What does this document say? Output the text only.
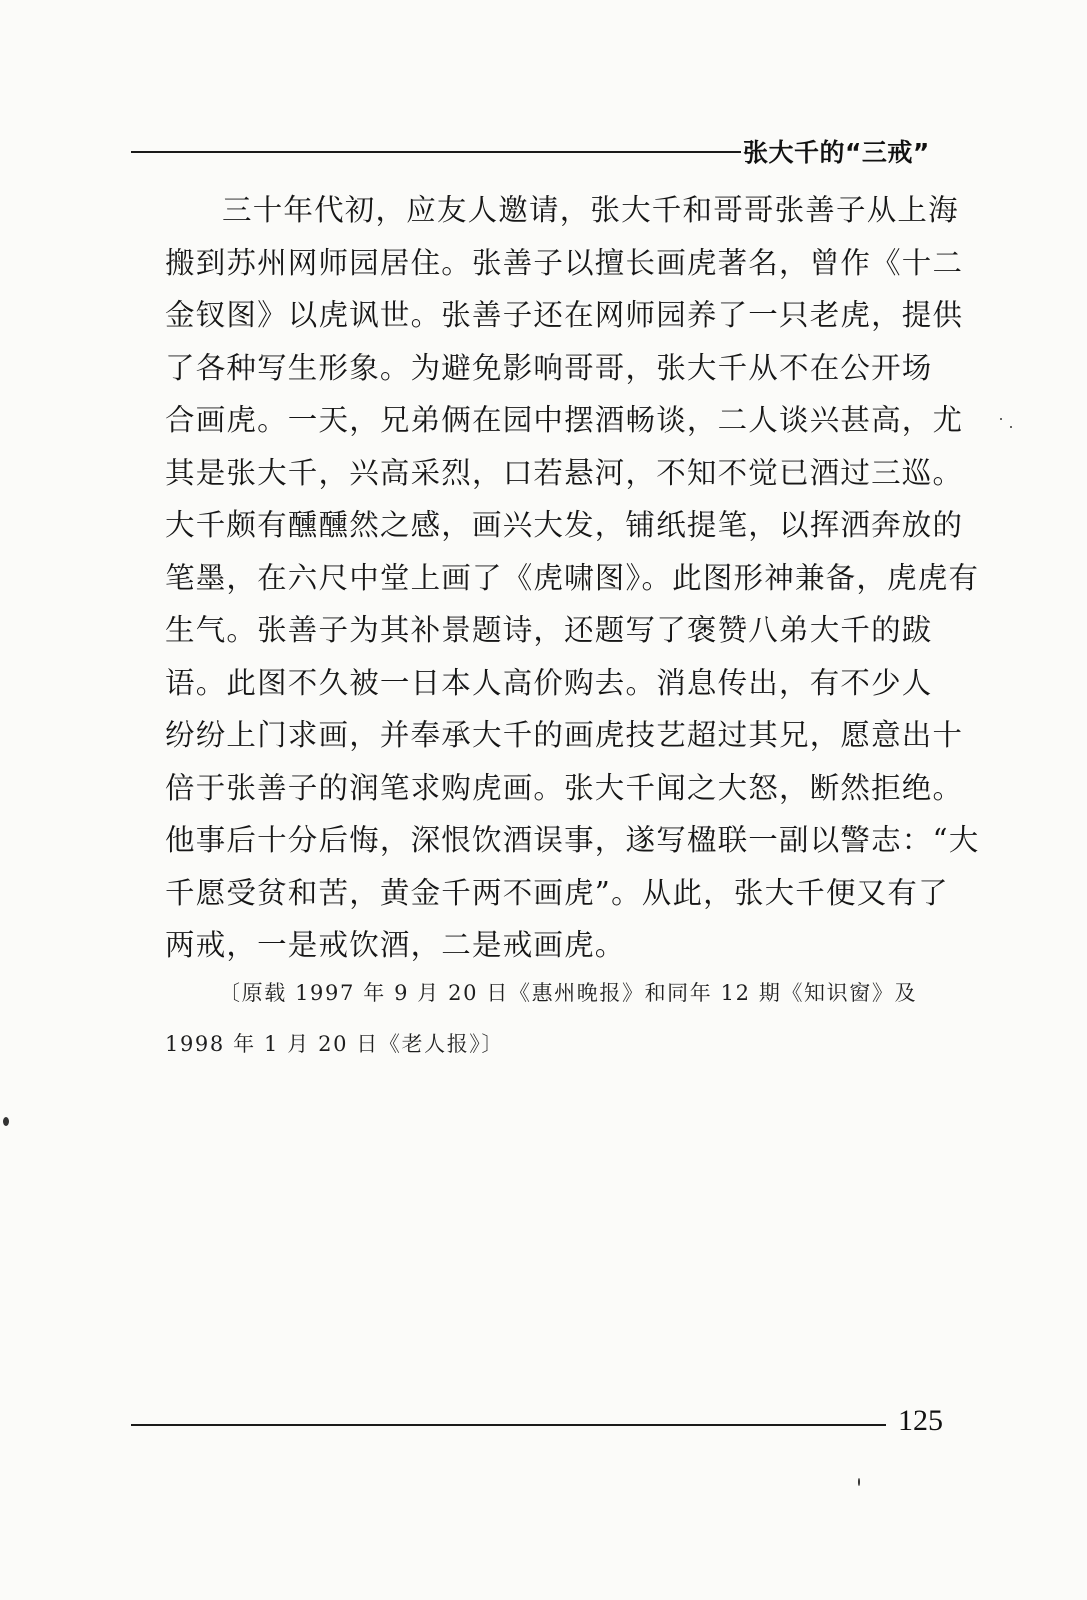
张大千的“三戒”
三十年代初，应友人邀请，张大千和哥哥张善子从上海
搬到苏州网师园居住。张善子以擅长画虎著名，曾作《十二
金钗图》以虎讽世。张善子还在网师园养了一只老虎，提供
了各种写生形象。为避免影响哥哥，张大千从不在公开场
合画虎。一天，兄弟俩在园中摆酒畅谈，二人谈兴甚高，尤
其是张大千，兴高采烈，口若悬河，不知不觉已酒过三巡。
大千颇有醺醺然之感，画兴大发，铺纸提笔，以挥洒奔放的
笔墨，在六尺中堂上画了《虎啸图》。此图形神兼备，虎虎有
生气。张善子为其补景题诗，还题写了褒赞八弟大千的跋
语。此图不久被一日本人高价购去。消息传出，有不少人
纷纷上门求画，并奉承大千的画虎技艺超过其兄，愿意出十
倍于张善子的润笔求购虎画。张大千闻之大怒，断然拒绝。
他事后十分后悔，深恨饮酒误事，遂写楹联一副以警志：“大
千愿受贫和苦，黄金千两不画虎”。从此，张大千便又有了
两戒，一是戒饮酒，二是戒画虎。
〔原载 1997 年 9 月 20 日《惠州晚报》和同年 12 期《知识窗》及
1998 年 1 月 20 日《老人报》〕
125
